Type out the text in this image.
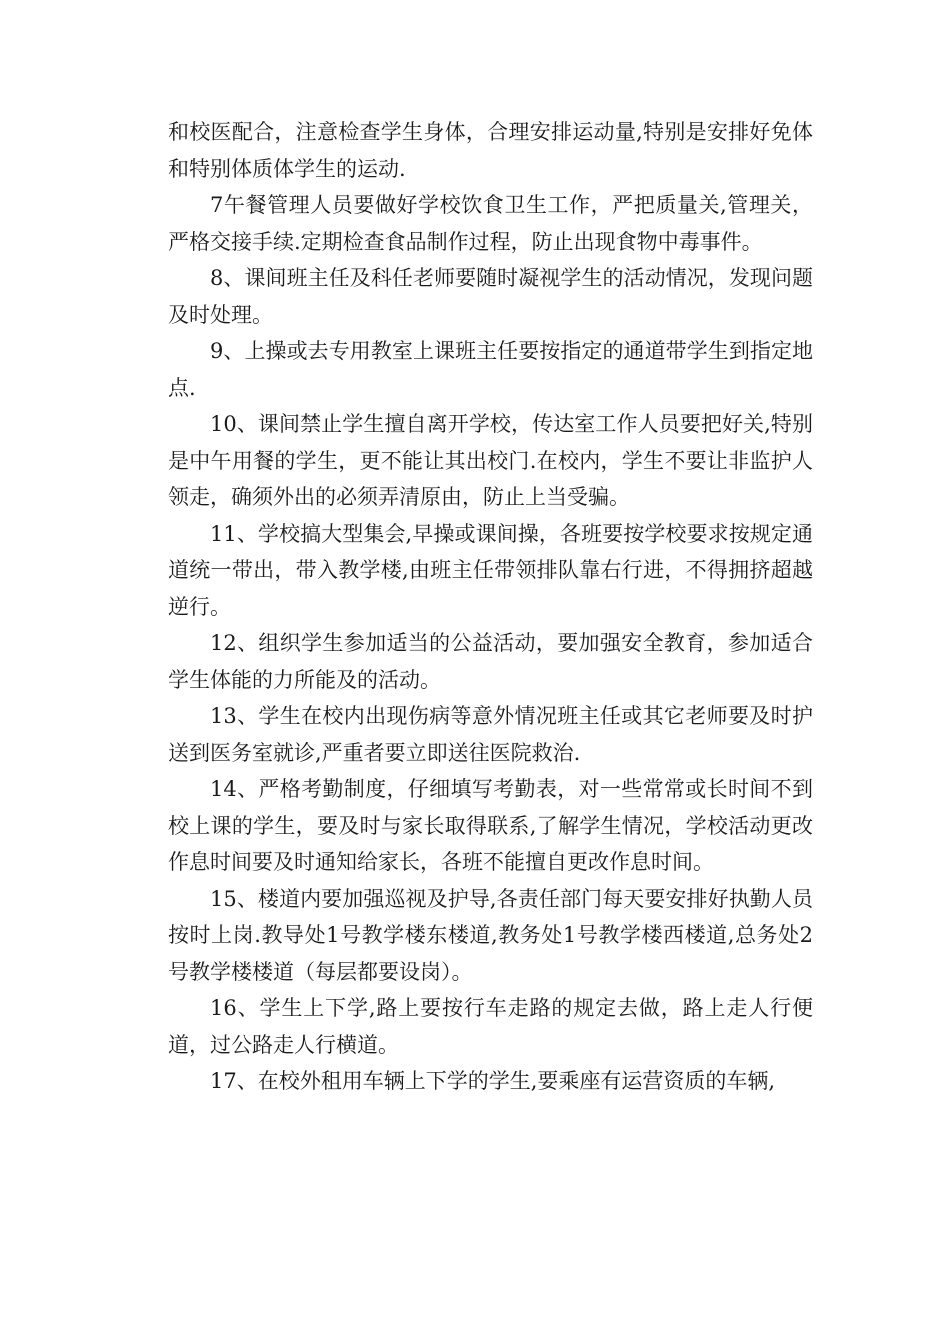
和校医配合，注意检查学生身体，合理安排运动量,特别是安排好免体和特别体质体学生的运动.

7午餐管理人员要做好学校饮食卫生工作，严把质量关,管理关，严格交接手续.定期检查食品制作过程，防止出现食物中毒事件。

8、课间班主任及科任老师要随时凝视学生的活动情况，发现问题及时处理。

9、上操或去专用教室上课班主任要按指定的通道带学生到指定地点.

10、课间禁止学生擅自离开学校，传达室工作人员要把好关,特别是中午用餐的学生，更不能让其出校门.在校内，学生不要让非监护人领走，确须外出的必须弄清原由，防止上当受骗。

11、学校搞大型集会,早操或课间操，各班要按学校要求按规定通道统一带出，带入教学楼,由班主任带领排队靠右行进，不得拥挤超越逆行。

12、组织学生参加适当的公益活动，要加强安全教育，参加适合学生体能的力所能及的活动。

13、学生在校内出现伤病等意外情况班主任或其它老师要及时护送到医务室就诊,严重者要立即送往医院救治.

14、严格考勤制度，仔细填写考勤表，对一些常常或长时间不到校上课的学生，要及时与家长取得联系,了解学生情况，学校活动更改作息时间要及时通知给家长，各班不能擅自更改作息时间。

15、楼道内要加强巡视及护导,各责任部门每天要安排好执勤人员按时上岗.教导处1号教学楼东楼道,教务处1号教学楼西楼道,总务处2号教学楼楼道（每层都要设岗）。

16、学生上下学,路上要按行车走路的规定去做，路上走人行便道，过公路走人行横道。

17、在校外租用车辆上下学的学生,要乘座有运营资质的车辆,
